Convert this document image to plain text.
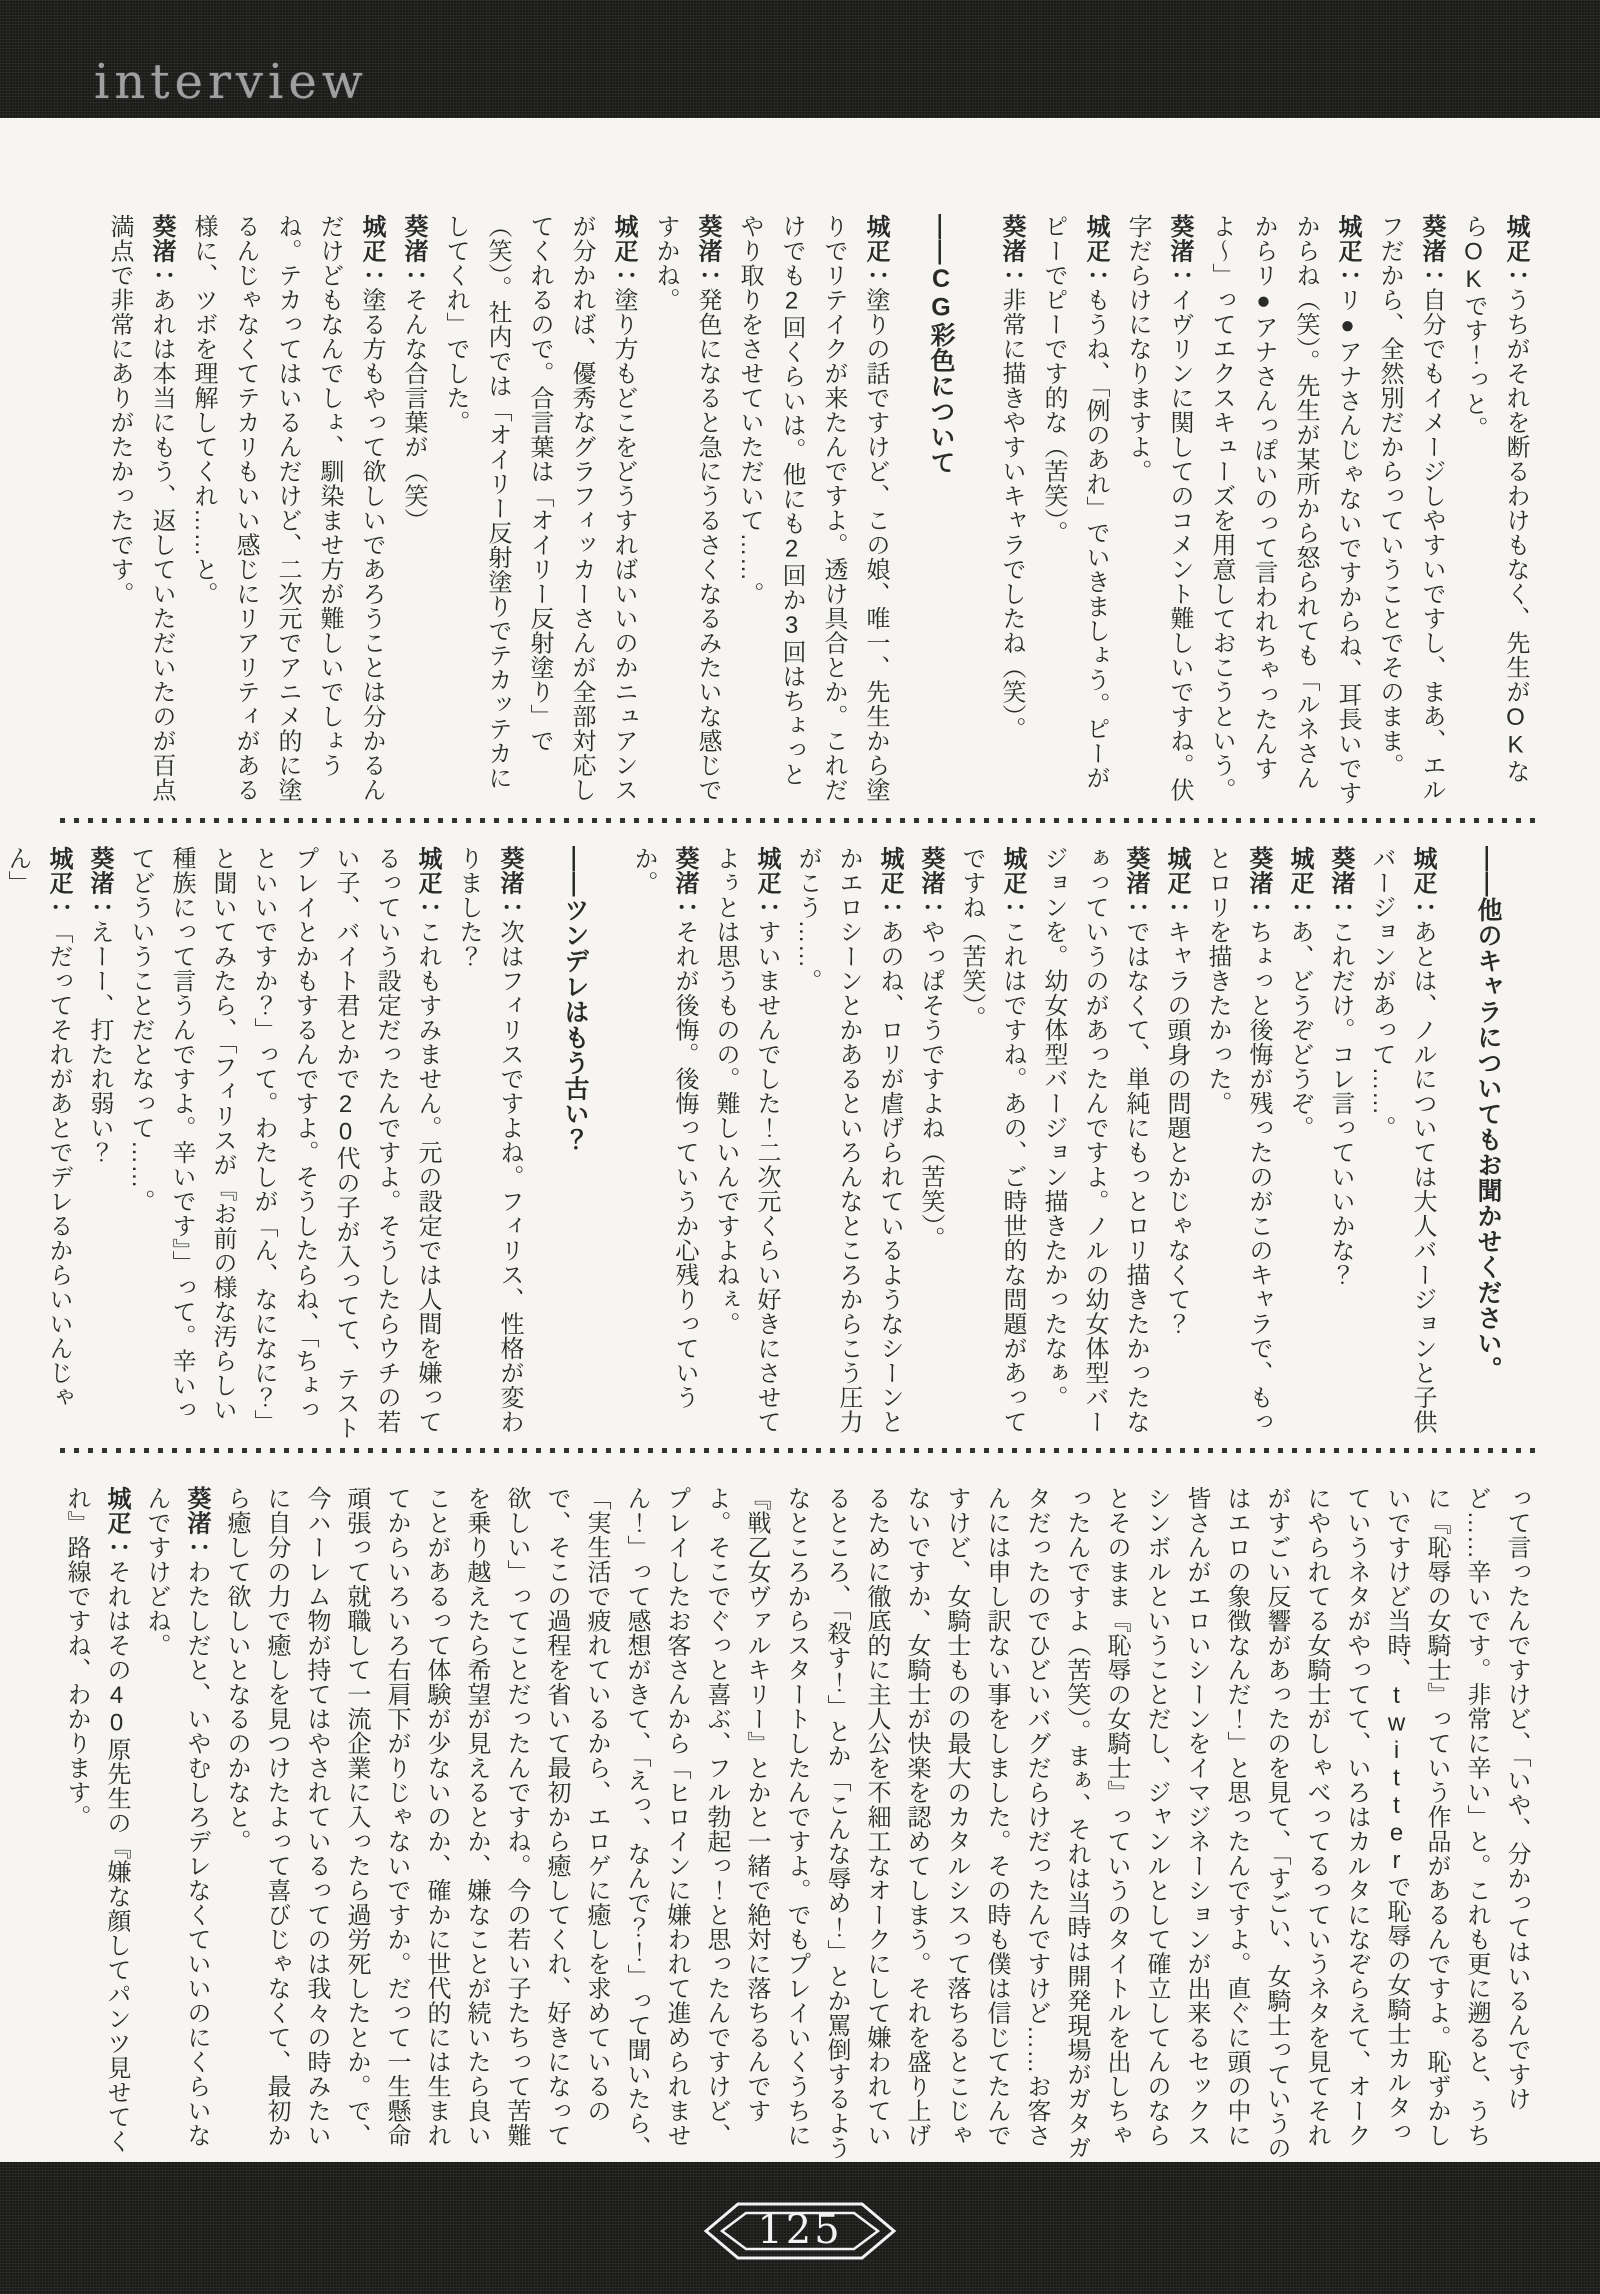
interview

城疋：うちがそれを断るわけもなく、先生がOKならOKです！っと。

葵渚：自分でもイメージしやすいですし、まあ、エルフだから、全然別だからっていうことでそのまま。

城疋：リ●アナさんじゃないですからね、耳長いですからね（笑）。先生が某所から怒られても「ルネさんからリ●アナさんっぽいのって言われちゃったんすよ〜」ってエクスキューズを用意しておこうという。

葵渚：イヴリンに関してのコメント難しいですね。伏字だらけになりますよ。

城疋：もうね、「例のあれ」でいきましょう。ピーがピーでピーです的な（苦笑）。

葵渚：非常に描きやすいキャラでしたね（笑）。

――CG彩色について

城疋：塗りの話ですけど、この娘、唯一、先生から塗りでリテイクが来たんですよ。透け具合とか。これだけでも2回くらいは。他にも2回か3回はちょっとやり取りをさせていただいて……。

葵渚：発色になると急にうるさくなるみたいな感じですかね。

城疋：塗り方もどこをどうすればいいのかニュアンスが分かれば、優秀なグラフィッカーさんが全部対応してくれるので。合言葉は「オイリー反射塗り」で（笑）。社内では「オイリー反射塗りでテカッテカにしてくれ」でした。

葵渚：そんな合言葉が（笑）

城疋：塗る方もやって欲しいであろうことは分かるんだけどもなんでしょ、馴染ませ方が難しいでしょうね。テカってはいるんだけど、二次元でアニメ的に塗るんじゃなくてテカリもいい感じにリアリティがある様に、ツボを理解してくれ……と。

葵渚：あれは本当にもう、返していただいたのが百点満点で非常にありがたかったです。

――他のキャラについてもお聞かせください。

城疋：あとは、ノルについては大人バージョンと子供バージョンがあって……。

葵渚：これだけ。コレ言っていいかな？

城疋：あ、どうぞどうぞ。

葵渚：ちょっと後悔が残ったのがこのキャラで、もっとロリを描きたかった。

城疋：キャラの頭身の問題とかじゃなくて？

葵渚：ではなくて、単純にもっとロリ描きたかったなぁっていうのがあったんですよ。ノルの幼女体型バージョンを。幼女体型バージョン描きたかったなぁ。

城疋：これはですね。あの、ご時世的な問題があってですね（苦笑）。

葵渚：やっぱそうですよね（苦笑）。

城疋：あのね、ロリが虐げられているようなシーンとかエロシーンとかあるといろんなところからこう圧力がこう……。

城疋：すいませんでした！二次元くらい好きにさせてよぅとは思うものの。難しいんですよねぇ。

葵渚：それが後悔。後悔っていうか心残りっていうか。

――ツンデレはもう古い？

葵渚：次はフィリスですよね。フィリス、性格が変わりました？

城疋：これもすみません。元の設定では人間を嫌ってるっていう設定だったんですよ。そうしたらウチの若い子、バイト君とかで20代の子が入ってて、テストプレイとかもするんですよ。そうしたらね、「ちょっといいですか？」って。わたしが「ん、なになに？」と聞いてみたら、「フィリスが『お前の様な汚らしい種族にって言うんですよ。辛いです』」って。辛いってどういうことだとなって……。

葵渚：えーー、打たれ弱い？

城疋：「だってそれがあとでデレるからいいんじゃん」

って言ったんですけど、「いや、分かってはいるんですけど……辛いです。非常に辛い」と。これも更に遡ると、うちに『恥辱の女騎士』っていう作品があるんですよ。恥ずかしいですけど当時、twitterで恥辱の女騎士カルタっていうネタがやってて、いろはカルタになぞらえて、オークにやられてる女騎士がしゃべってるっていうネタを見てそれがすごい反響があったのを見て、「すごい、女騎士っていうのはエロの象徴なんだ！」と思ったんですよ。直ぐに頭の中に皆さんがエロいシーンをイマジネーションが出来るセックスシンボルということだし、ジャンルとして確立してんのならとそのまま『恥辱の女騎士』っていうのタイトルを出しちゃったんですよ（苦笑）。まぁ、それは当時は開発現場がガタガタだったのでひどいバグだらけだったんですけど……お客さんには申し訳ない事をしました。その時も僕は信じてたんですけど、女騎士ものの最大のカタルシスって落ちるとこじゃないですか、女騎士が快楽を認めてしまう。それを盛り上げるために徹底的に主人公を不細工なオークにして嫌われているところ、「殺す！」とか「こんな辱め！」とか罵倒するようなところからスタートしたんですよ。でもプレイいくうちに『戦乙女ヴァルキリー』とかと一緒で絶対に落ちるんですよ。そこでぐっと喜ぶ、フル勃起っ！と思ったんですけど、プレイしたお客さんから「ヒロインに嫌われて進められません！」って感想がきて、「えっ、なんで？！」って聞いたら、「実生活で疲れているから、エロゲに癒しを求めているので、そこの過程を省いて最初から癒してくれ、好きになって欲しい」ってことだったんですね。今の若い子たちって苦難を乗り越えたら希望が見えるとか、嫌なことが続いたら良いことがあるって体験が少ないのか、確かに世代的には生まれてからいろいろ右肩下がりじゃないですか。だって一生懸命頑張って就職して一流企業に入ったら過労死したとか。で、今ハーレム物が持てはやされているってのは我々の時みたいに自分の力で癒しを見つけたよって喜びじゃなくて、最初から癒して欲しいとなるのかなと。

葵渚：わたしだと、いやむしろデレなくていいのにくらいなんですけどね。

城疋：それはその40原先生の『嫌な顔してパンツ見せてくれ』路線ですね、わかります。

125
